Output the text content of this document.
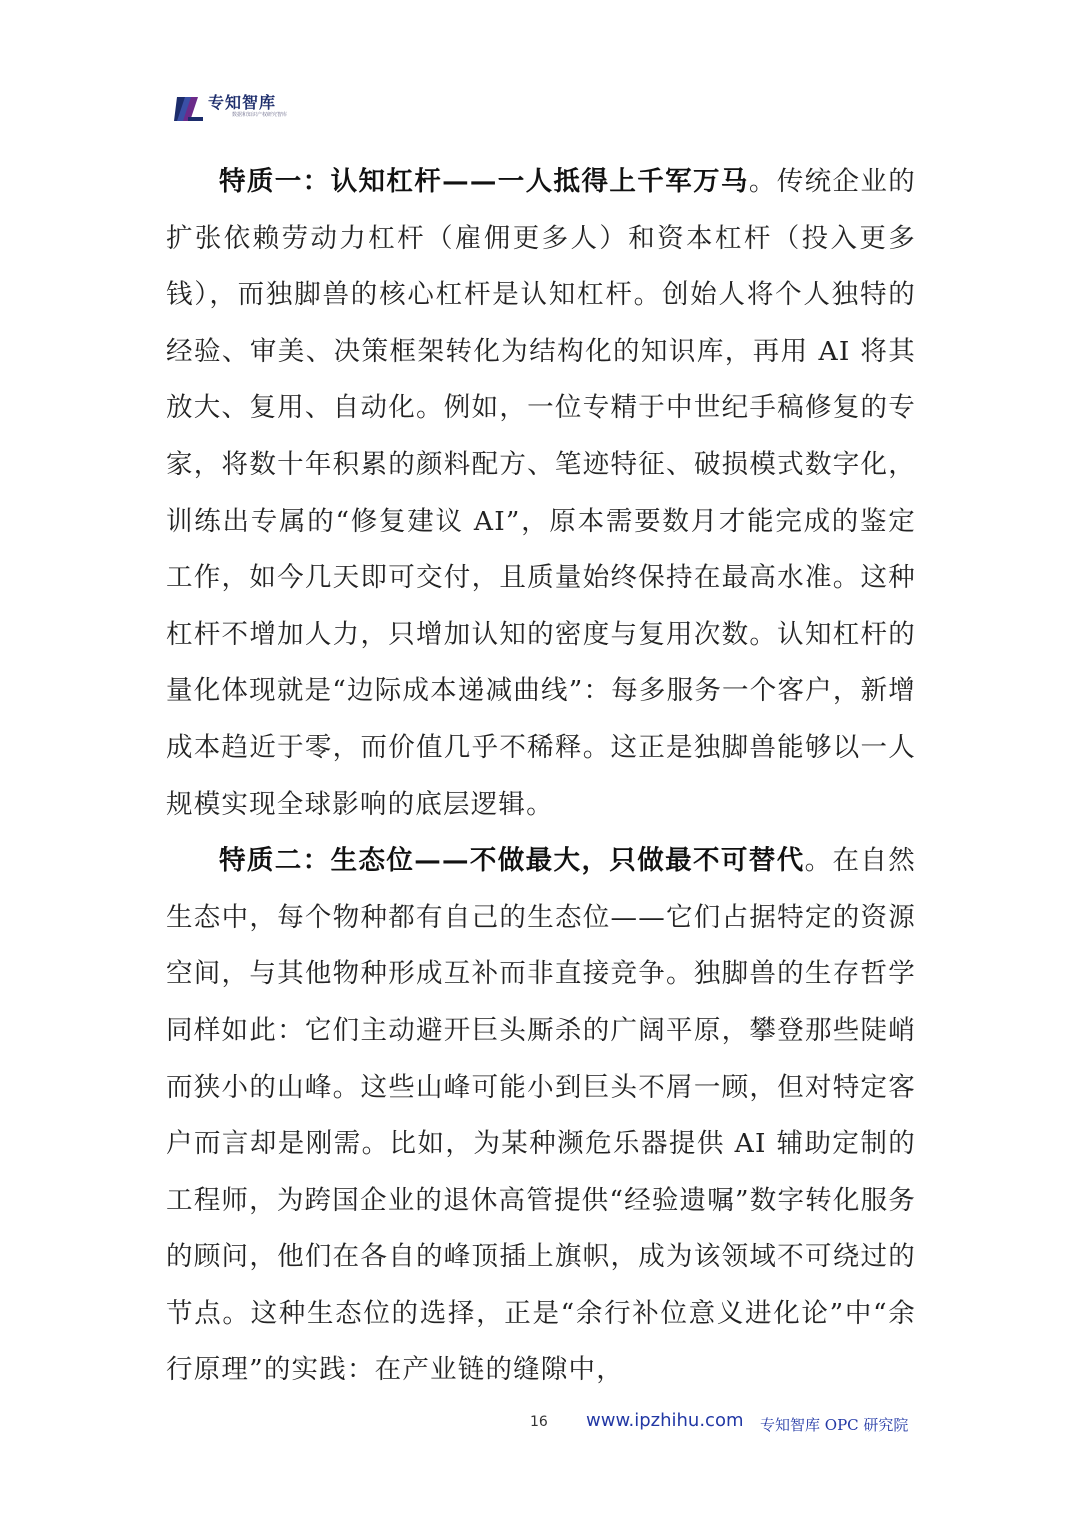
专知智库
数据和知识产权研究智库

特质一：认知杠杆——一人抵得上千军万马。传统企业的扩张依赖劳动力杠杆（雇佣更多人）和资本杠杆（投入更多钱），而独脚兽的核心杠杆是认知杠杆。创始人将个人独特的经验、审美、决策框架转化为结构化的知识库，再用 AI 将其放大、复用、自动化。例如，一位专精于中世纪手稿修复的专家，将数十年积累的颜料配方、笔迹特征、破损模式数字化，训练出专属的“修复建议 AI”，原本需要数月才能完成的鉴定工作，如今几天即可交付，且质量始终保持在最高水准。这种杠杆不增加人力，只增加认知的密度与复用次数。认知杠杆的量化体现就是“边际成本递减曲线”：每多服务一个客户，新增成本趋近于零，而价值几乎不稀释。这正是独脚兽能够以一人规模实现全球影响的底层逻辑。

特质二：生态位——不做最大，只做最不可替代。在自然生态中，每个物种都有自己的生态位——它们占据特定的资源空间，与其他物种形成互补而非直接竞争。独脚兽的生存哲学同样如此：它们主动避开巨头厮杀的广阔平原，攀登那些陡峭而狭小的山峰。这些山峰可能小到巨头不屑一顾，但对特定客户而言却是刚需。比如，为某种濒危乐器提供 AI 辅助定制的工程师，为跨国企业的退休高管提供“经验遗嘱”数字转化服务的顾问，他们在各自的峰顶插上旗帜，成为该领域不可绕过的节点。这种生态位的选择，正是“余行补位意义进化论”中“余行原理”的实践：在产业链的缝隙中，

16 www.ipzhihu.com 专知智库 OPC 研究院
